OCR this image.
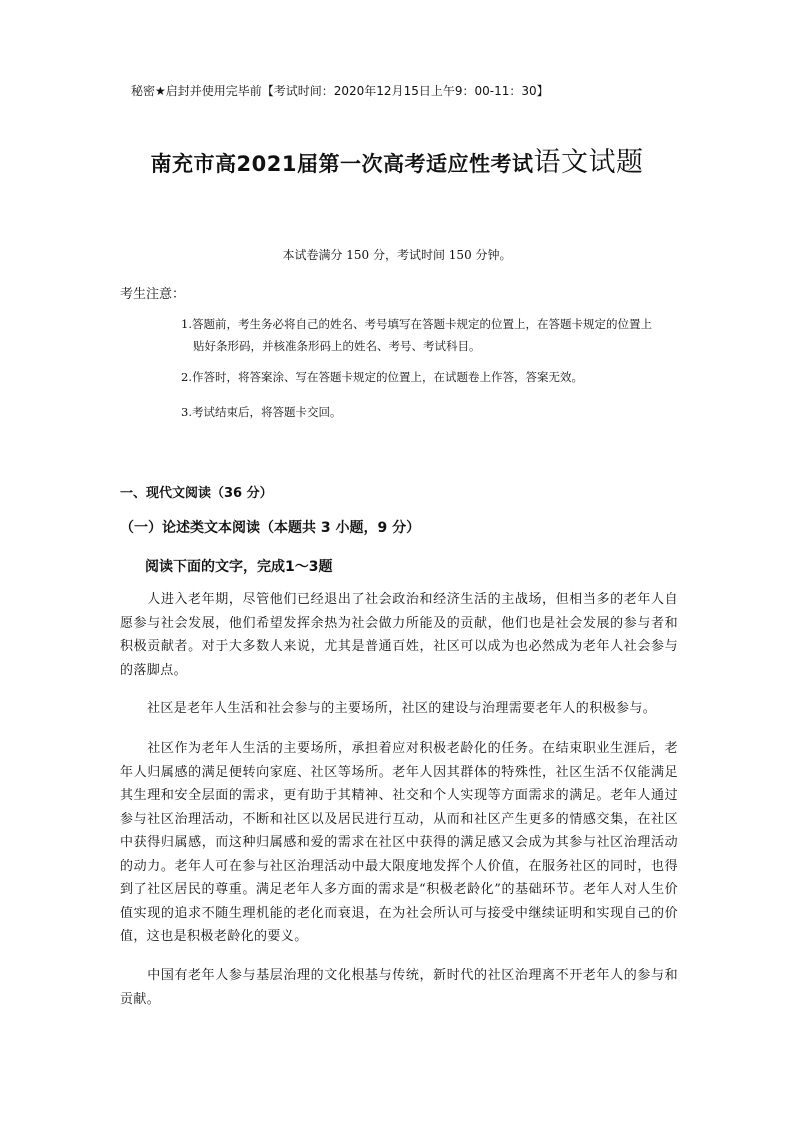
秘密★启封并使用完毕前【考试时间：2020年12月15日上午9：00-11：30】
南充市高2021届第一次高考适应性考试语文试题
本试卷满分 150 分，考试时间 150 分钟。
考生注意：
1.答题前，考生务必将自己的姓名、考号填写在答题卡规定的位置上，在答题卡规定的位置上
贴好条形码，并核准条形码上的姓名、考号、考试科目。
2.作答时，将答案涂、写在答题卡规定的位置上，在试题卷上作答，答案无效。
3.考试结束后，将答题卡交回。
一、现代文阅读（36 分）
（一）论述类文本阅读（本题共 3 小题，9 分）
阅读下面的文字，完成1～3题
人进入老年期，尽管他们已经退出了社会政治和经济生活的主战场，但相当多的老年人自愿参与社会发展，他们希望发挥余热为社会做力所能及的贡献，他们也是社会发展的参与者和积极贡献者。对于大多数人来说，尤其是普通百姓，社区可以成为也必然成为老年人社会参与的落脚点。
社区是老年人生活和社会参与的主要场所，社区的建设与治理需要老年人的积极参与。
社区作为老年人生活的主要场所，承担着应对积极老龄化的任务。在结束职业生涯后，老年人归属感的满足便转向家庭、社区等场所。老年人因其群体的特殊性，社区生活不仅能满足其生理和安全层面的需求，更有助于其精神、社交和个人实现等方面需求的满足。老年人通过参与社区治理活动，不断和社区以及居民进行互动，从而和社区产生更多的情感交集，在社区中获得归属感，而这种归属感和爱的需求在社区中获得的满足感又会成为其参与社区治理活动的动力。老年人可在参与社区治理活动中最大限度地发挥个人价值，在服务社区的同时，也得到了社区居民的尊重。满足老年人多方面的需求是“积极老龄化”的基础环节。老年人对人生价值实现的追求不随生理机能的老化而衰退，在为社会所认可与接受中继续证明和实现自己的价值，这也是积极老龄化的要义。
中国有老年人参与基层治理的文化根基与传统，新时代的社区治理离不开老年人的参与和贡献。
